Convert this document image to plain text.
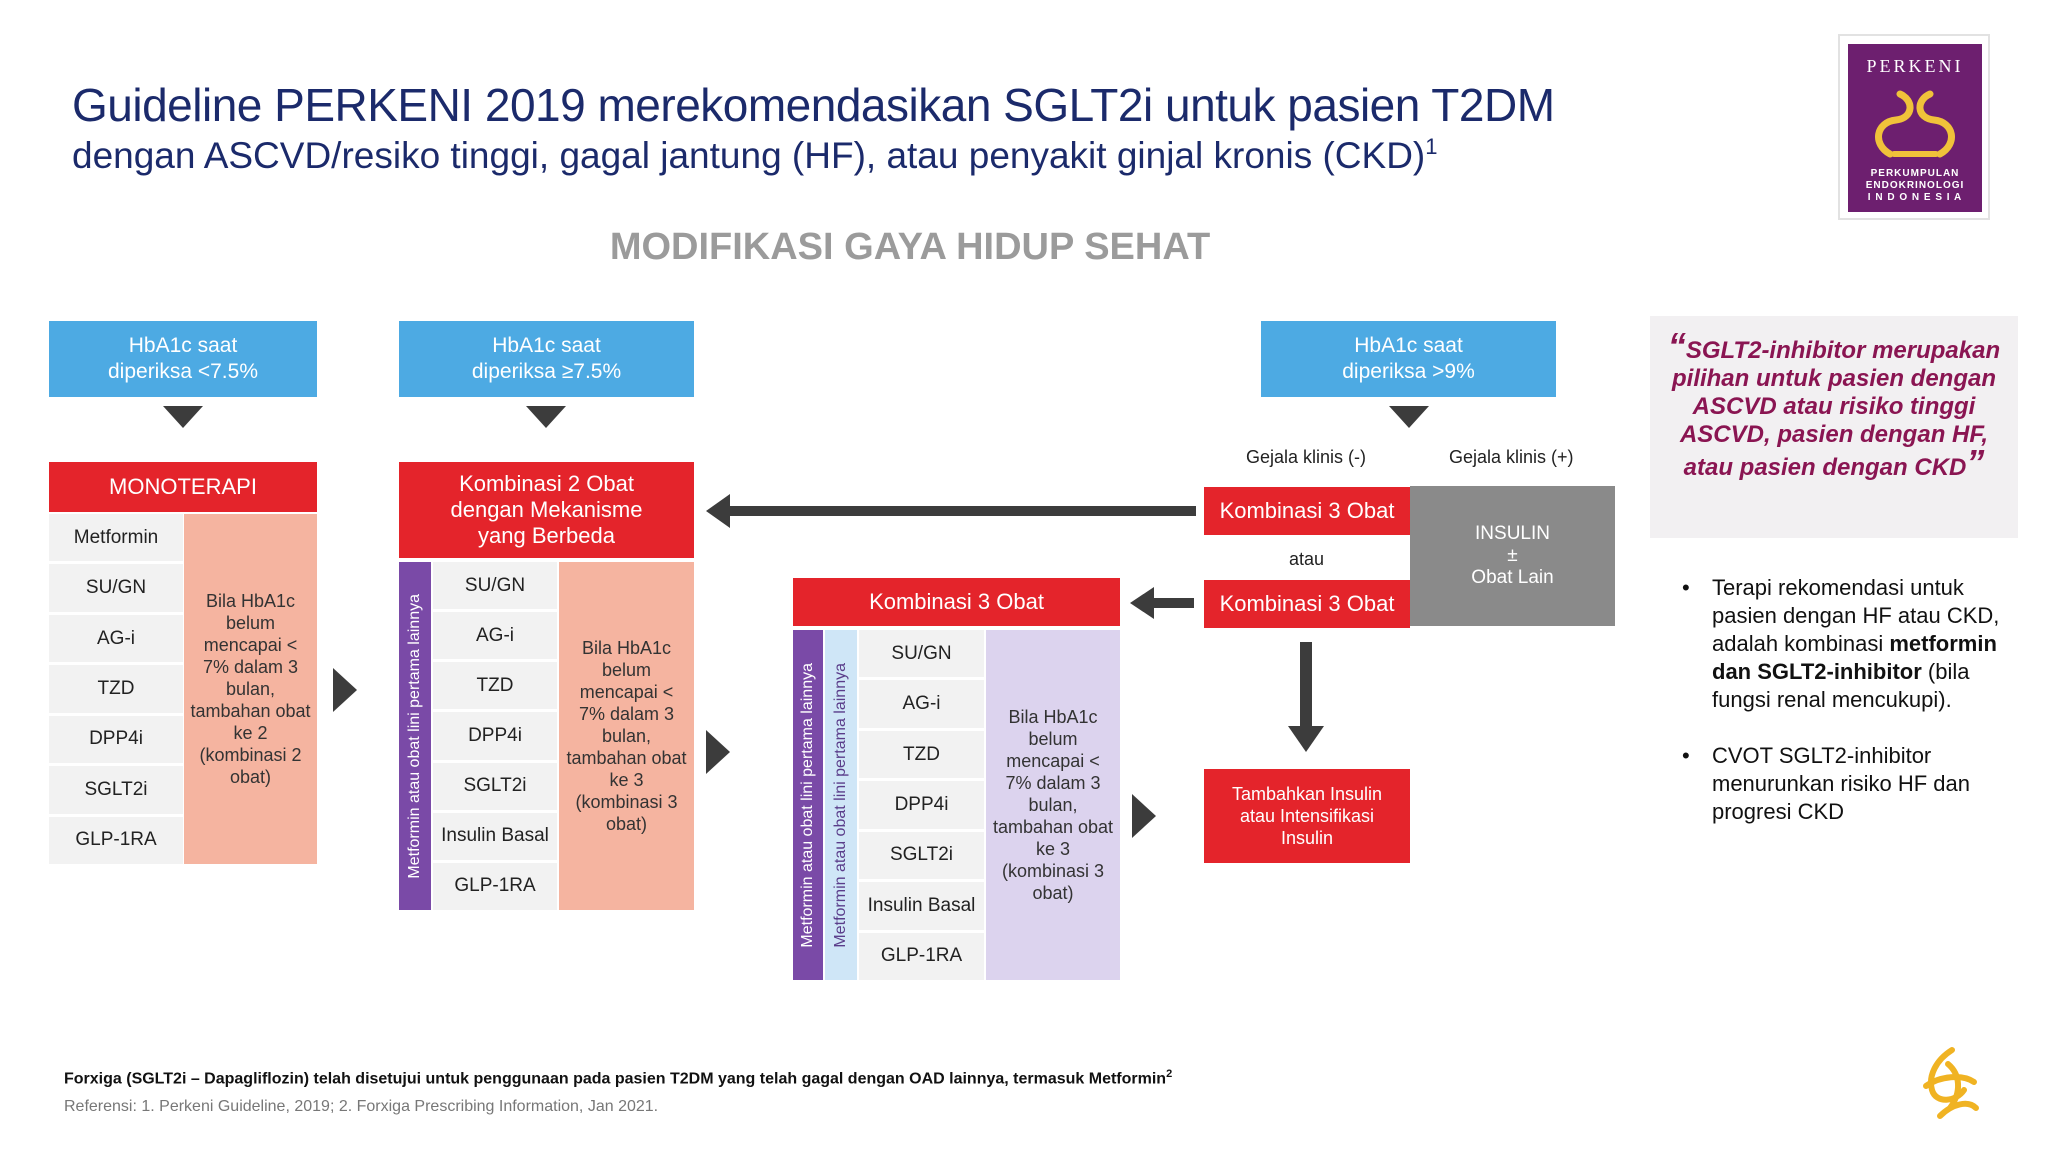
Guideline PERKENI 2019 merekomendasikan SGLT2i untuk pasien T2DM
dengan ASCVD/resiko tinggi, gagal jantung (HF), atau penyakit ginjal kronis (CKD)$^1$
PERKENI
PERKUMPULAN
ENDOKRINOLOGI
I N D O N E S I A
MODIFIKASI GAYA HIDUP SEHAT
HbA1c saat
diperiksa <7.5%
MONOTERAPI
Metformin
SU/GN
AG-i
TZD
DPP4i
SGLT2i
GLP-1RA
Bila HbA1c belum mencapai < 7% dalam 3 bulan, tambahan obat ke 2 (kombinasi 2 obat)
HbA1c saat
diperiksa ≥7.5%
Kombinasi 2 Obat
dengan Mekanisme
yang Berbeda
Metformin atau obat lini pertama lainnya
SU/GN
AG-i
TZD
DPP4i
SGLT2i
Insulin Basal
GLP-1RA
Bila HbA1c belum mencapai < 7% dalam 3 bulan, tambahan obat ke 3 (kombinasi 3 obat)
Kombinasi 3 Obat
Metformin atau obat lini pertama lainnya Metformin atau obat lini pertama lainnya
SU/GN
AG-i
TZD
DPP4i
SGLT2i
Insulin Basal
GLP-1RA
Bila HbA1c belum mencapai < 7% dalam 3 bulan, tambahan obat ke 3 (kombinasi 3 obat)
HbA1c saat
diperiksa >9%
Gejala klinis (-)	Gejala klinis (+)
Kombinasi 3 Obat
atau
Kombinasi 3 Obat
INSULIN
±
Obat Lain
Tambahkan Insulin
atau Intensifikasi
Insulin
“SGLT2-inhibitor merupakan pilihan untuk pasien dengan ASCVD atau risiko tinggi ASCVD, pasien dengan HF, atau pasien dengan CKD”
• Terapi rekomendasi untuk pasien dengan HF atau CKD, adalah kombinasi metformin dan SGLT2-inhibitor (bila fungsi renal mencukupi).
• CVOT SGLT2-inhibitor menurunkan risiko HF dan progresi CKD
Forxiga (SGLT2i – Dapagliflozin) telah disetujui untuk penggunaan pada pasien T2DM yang telah gagal dengan OAD lainnya, termasuk Metformin$^2$
Referensi: 1. Perkeni Guideline, 2019; 2. Forxiga Prescribing Information, Jan 2021.
